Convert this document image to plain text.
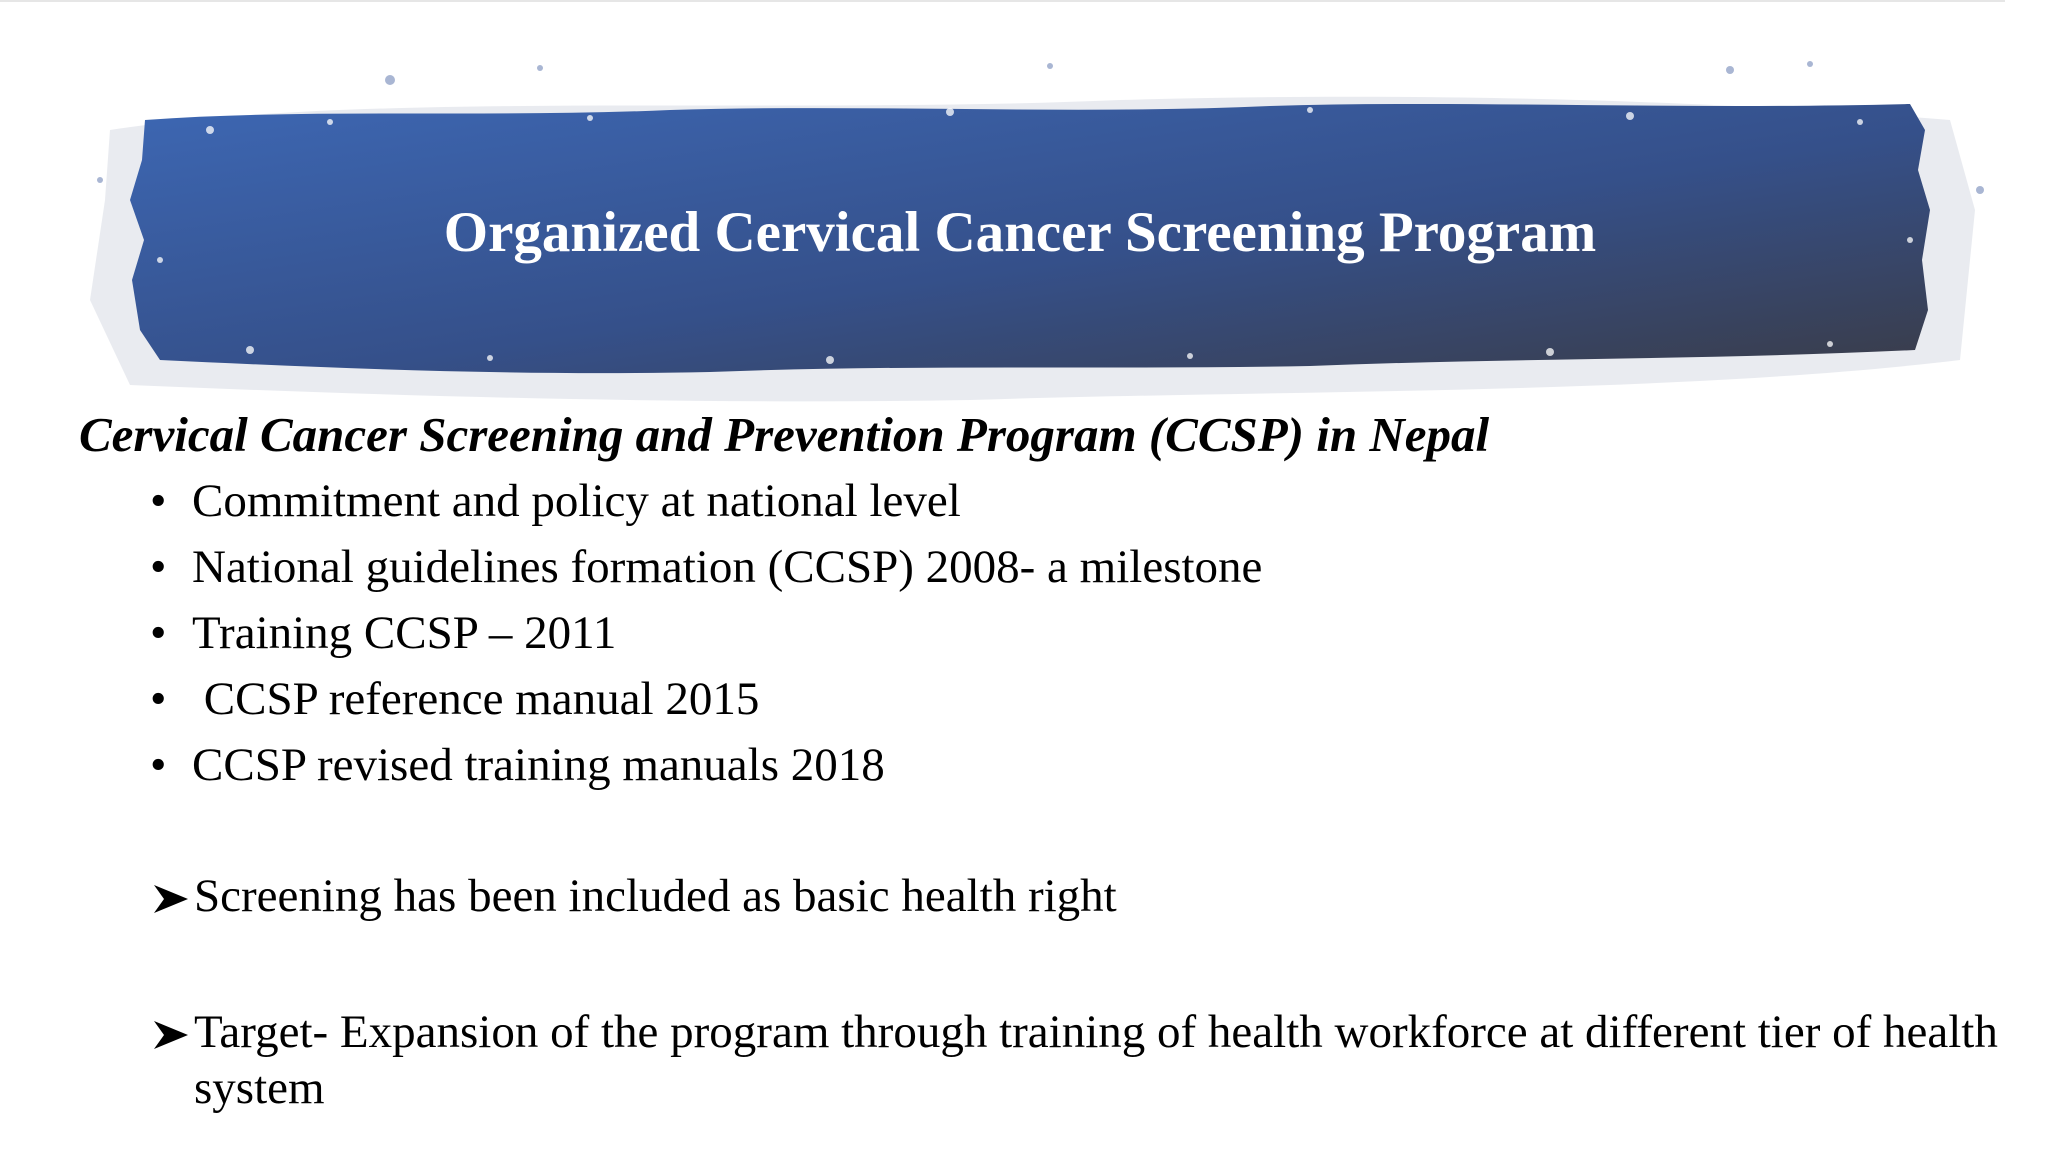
Organized Cervical Cancer Screening Program

Cervical Cancer Screening and Prevention Program (CCSP) in Nepal

• Commitment and policy at national level
• National guidelines formation (CCSP) 2008- a milestone
• Training CCSP – 2011
• CCSP reference manual 2015
• CCSP revised training manuals 2018

Screening has been included as basic health right

Target- Expansion of the program through training of health workforce at different tier of health system
